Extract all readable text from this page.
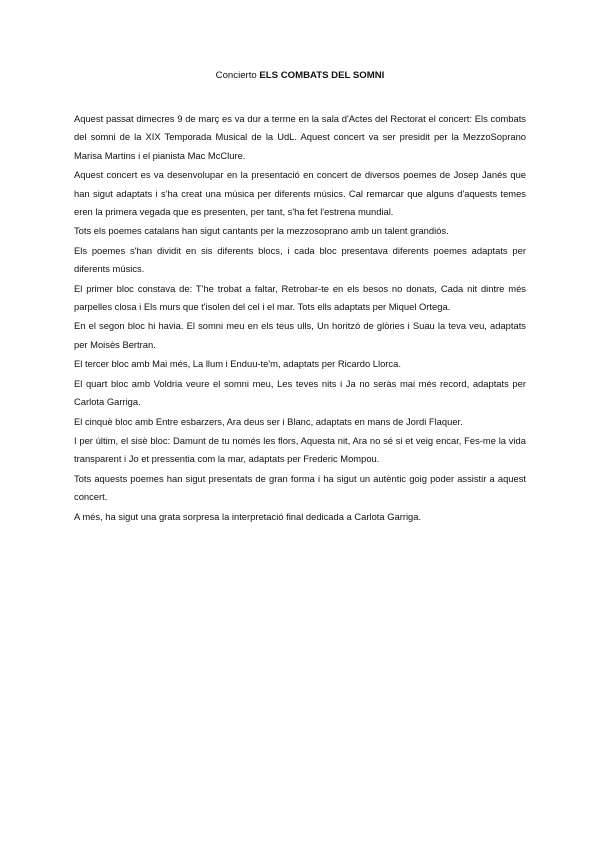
Concierto ELS COMBATS DEL SOMNI

Aquest passat dimecres 9 de març es va dur a terme en la sala d'Actes del Rectorat el concert: Els combats del somni de la XIX Temporada Musical de la UdL. Aquest concert va ser presidit per la MezzoSoprano Marisa Martins i el pianista Mac McClure.

Aquest concert es va desenvolupar en la presentació en concert de diversos poemes de Josep Janés que han sigut adaptats i s'ha creat una música per diferents músics. Cal remarcar que alguns d'aquests temes eren la primera vegada que es presenten, per tant, s'ha fet l'estrena mundial.

Tots els poemes catalans han sigut cantants per la mezzosoprano amb un talent grandiós.

Els poemes s'han dividit en sis diferents blocs, i cada bloc presentava diferents poemes adaptats per diferents músics.

El primer bloc constava de: T'he trobat a faltar, Retrobar-te en els besos no donats, Cada nit dintre més parpelles closa i Els murs que t'isolen del cel i el mar. Tots ells adaptats per Miquel Ortega.

En el segon bloc hi havia. El somni meu en els teus ulls, Un horitzó de glòries i Suau la teva veu, adaptats per Moisès Bertran.

El tercer bloc amb Mai més, La llum i Enduu-te'm, adaptats per Ricardo Llorca.

El quart bloc amb Voldria veure el somni meu, Les teves nits i Ja no seràs mai més record, adaptats per Carlota Garriga.

El cinquè bloc amb Entre esbarzers, Ara deus ser i Blanc, adaptats en mans de Jordi Flaquer.

I per últim, el sisè bloc: Damunt de tu només les flors, Aquesta nit, Ara no sé si et veig encar, Fes-me la vida transparent i Jo et pressentia com la mar, adaptats per Frederic Mompou.

Tots aquests poemes han sigut presentats de gran forma i ha sigut un autèntic goig poder assistir a aquest concert.

A més, ha sigut una grata sorpresa la interpretació final dedicada a Carlota Garriga.
